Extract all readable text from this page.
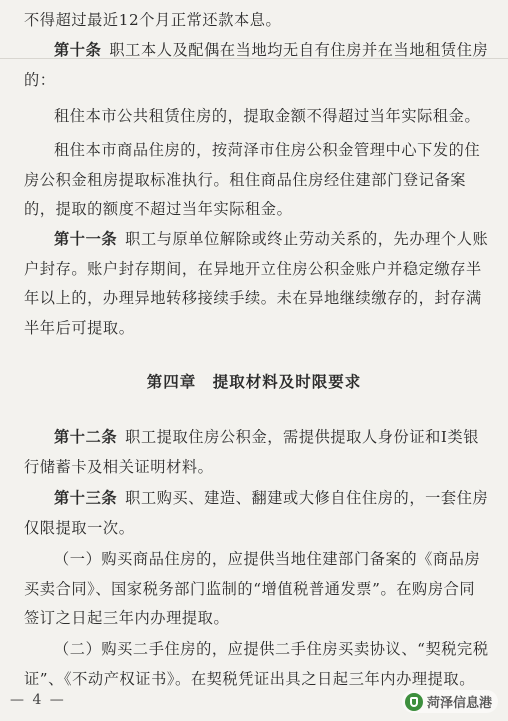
不得超过最近12个月正常还款本息。

第十条 职工本人及配偶在当地均无自有住房并在当地租赁住房的：

租住本市公共租赁住房的，提取金额不得超过当年实际租金。

租住本市商品住房的，按菏泽市住房公积金管理中心下发的住房公积金租房提取标准执行。租住商品住房经住建部门登记备案的，提取的额度不超过当年实际租金。

第十一条 职工与原单位解除或终止劳动关系的，先办理个人账户封存。账户封存期间，在异地开立住房公积金账户并稳定缴存半年以上的，办理异地转移接续手续。未在异地继续缴存的，封存满半年后可提取。

第四章　提取材料及时限要求

第十二条 职工提取住房公积金，需提供提取人身份证和Ⅰ类银行储蓄卡及相关证明材料。

第十三条 职工购买、建造、翻建或大修自住住房的，一套住房仅限提取一次。

（一）购买商品住房的，应提供当地住建部门备案的《商品房买卖合同》、国家税务部门监制的“增值税普通发票”。在购房合同签订之日起三年内办理提取。

（二）购买二手住房的，应提供二手住房买卖协议、“契税完税证”、《不动产权证书》。在契税凭证出具之日起三年内办理提取。

— 4 —	菏泽信息港
